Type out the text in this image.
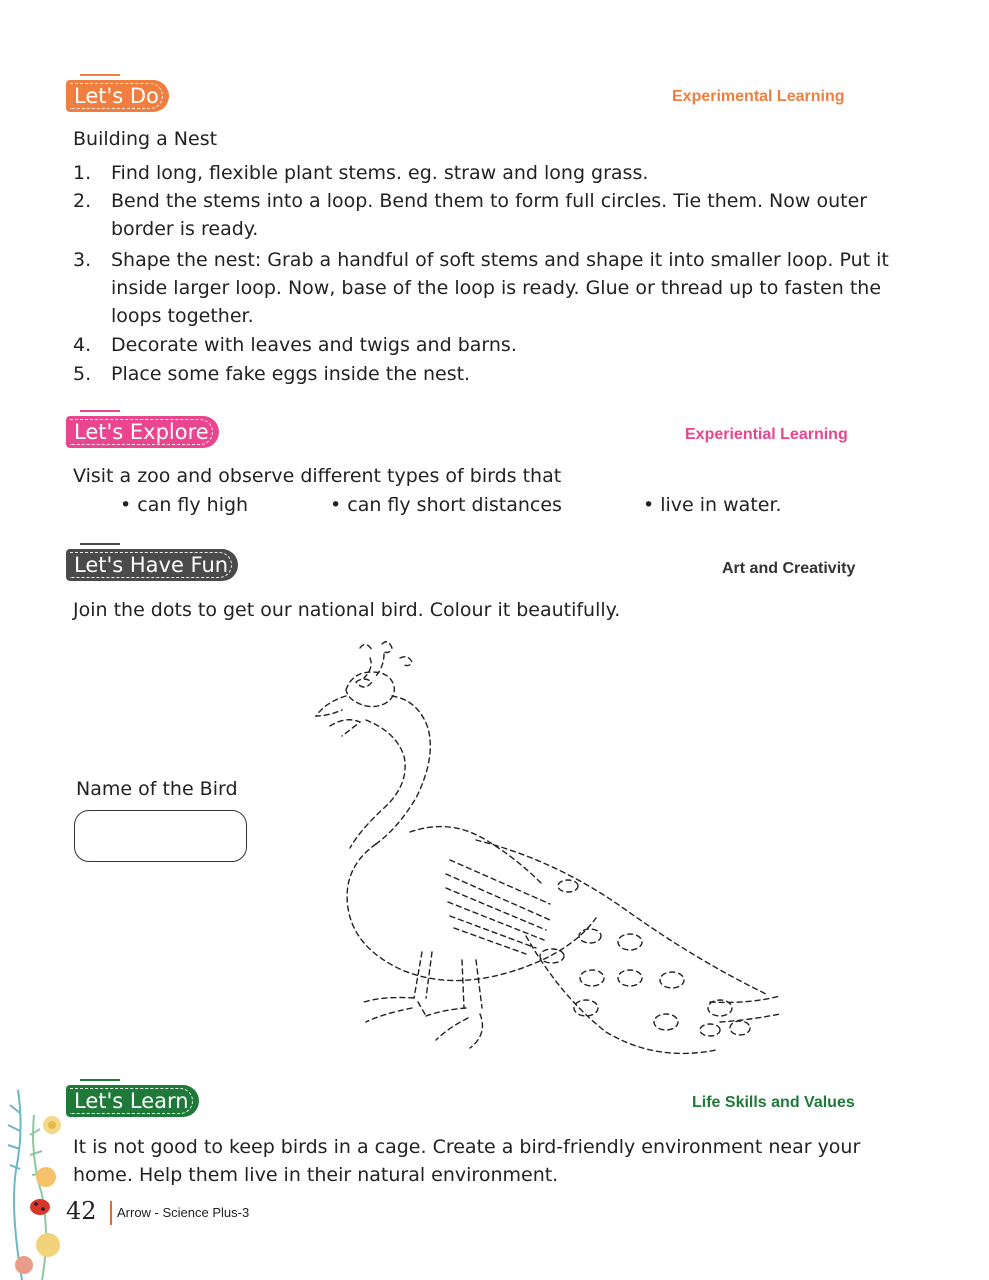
Let's Do	Experimental Learning
Building a Nest
1. Find long, flexible plant stems. eg. straw and long grass.
2. Bend the stems into a loop. Bend them to form full circles. Tie them. Now outer border is ready.
3. Shape the nest: Grab a handful of soft stems and shape it into smaller loop. Put it inside larger loop. Now, base of the loop is ready. Glue or thread up to fasten the loops together.
4. Decorate with leaves and twigs and barns.
5. Place some fake eggs inside the nest.
Let's Explore	Experiential Learning
Visit a zoo and observe different types of birds that
• can fly high	• can fly short distances	• live in water.
Let's Have Fun	Art and Creativity
Join the dots to get our national bird. Colour it beautifully.
Name of the Bird
Let's Learn	Life Skills and Values
It is not good to keep birds in a cage. Create a bird-friendly environment near your home. Help them live in their natural environment.
42 Arrow - Science Plus-3
